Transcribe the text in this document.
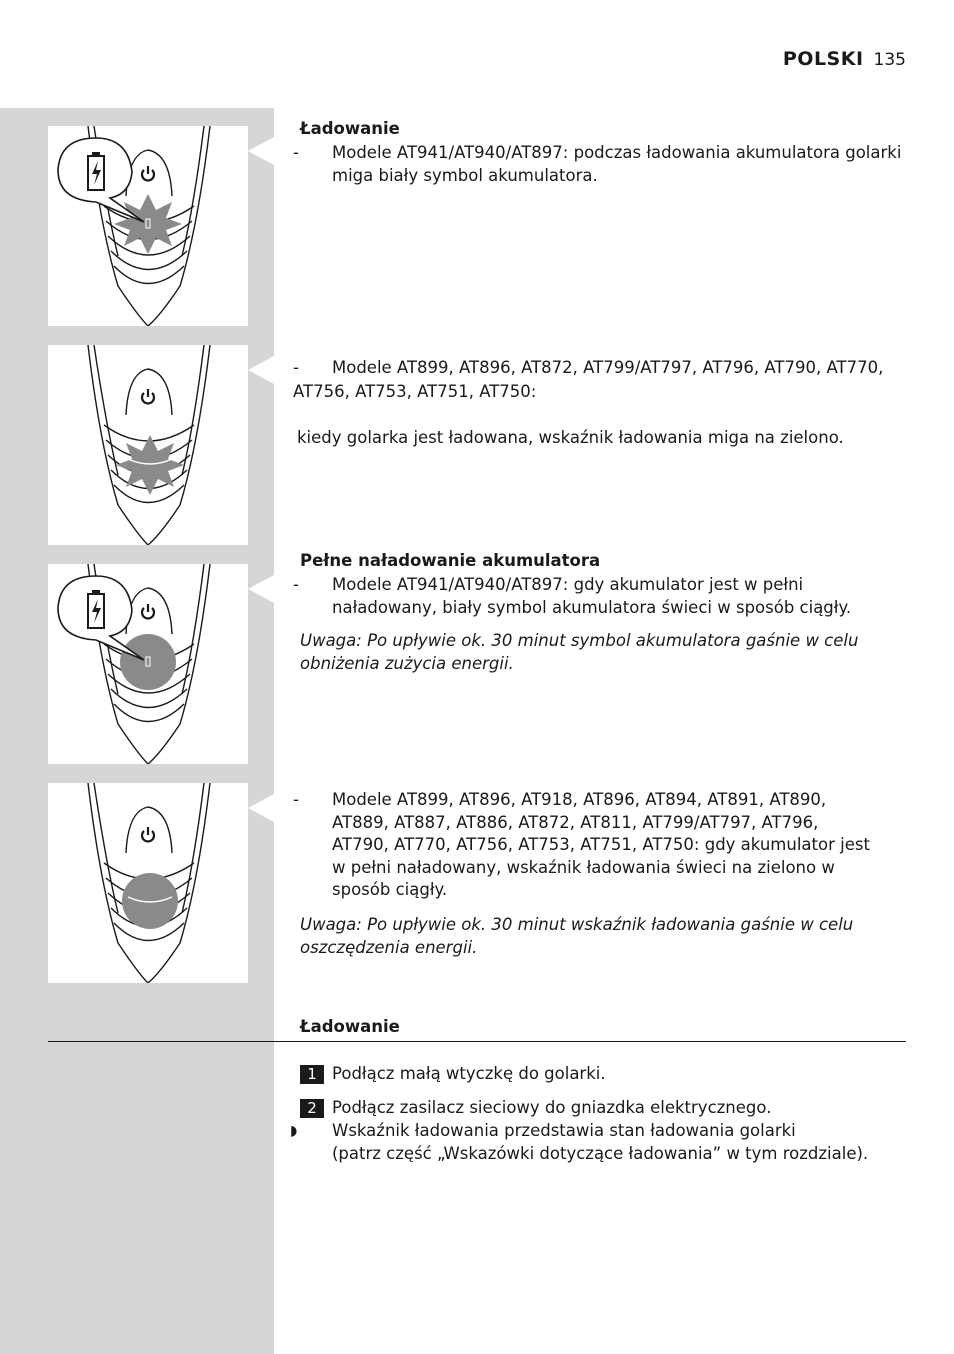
POLSKI 135
Ładowanie
- Modele AT941/AT940/AT897: podczas ładowania akumulatora golarki miga biały symbol akumulatora.
- Modele AT899, AT896, AT872, AT799/AT797, AT796, AT790, AT770,
AT756, AT753, AT751, AT750:
kiedy golarka jest ładowana, wskaźnik ładowania miga na zielono.
Pełne naładowanie akumulatora
- Modele AT941/AT940/AT897: gdy akumulator jest w pełni naładowany, biały symbol akumulatora świeci w sposób ciągły.
Uwaga: Po upływie ok. 30 minut symbol akumulatora gaśnie w celu obniżenia zużycia energii.
- Modele AT899, AT896, AT918, AT896, AT894, AT891, AT890, AT889, AT887, AT886, AT872, AT811, AT799/AT797, AT796, AT790, AT770, AT756, AT753, AT751, AT750: gdy akumulator jest w pełni naładowany, wskaźnik ładowania świeci na zielono w sposób ciągły.
Uwaga: Po upływie ok. 30 minut wskaźnik ładowania gaśnie w celu oszczędzenia energii.
Ładowanie
1 Podłącz małą wtyczkę do golarki.
2 Podłącz zasilacz sieciowy do gniazdka elektrycznego.
◗ Wskaźnik ładowania przedstawia stan ładowania golarki
(patrz część „Wskazówki dotyczące ładowania” w tym rozdziale).
